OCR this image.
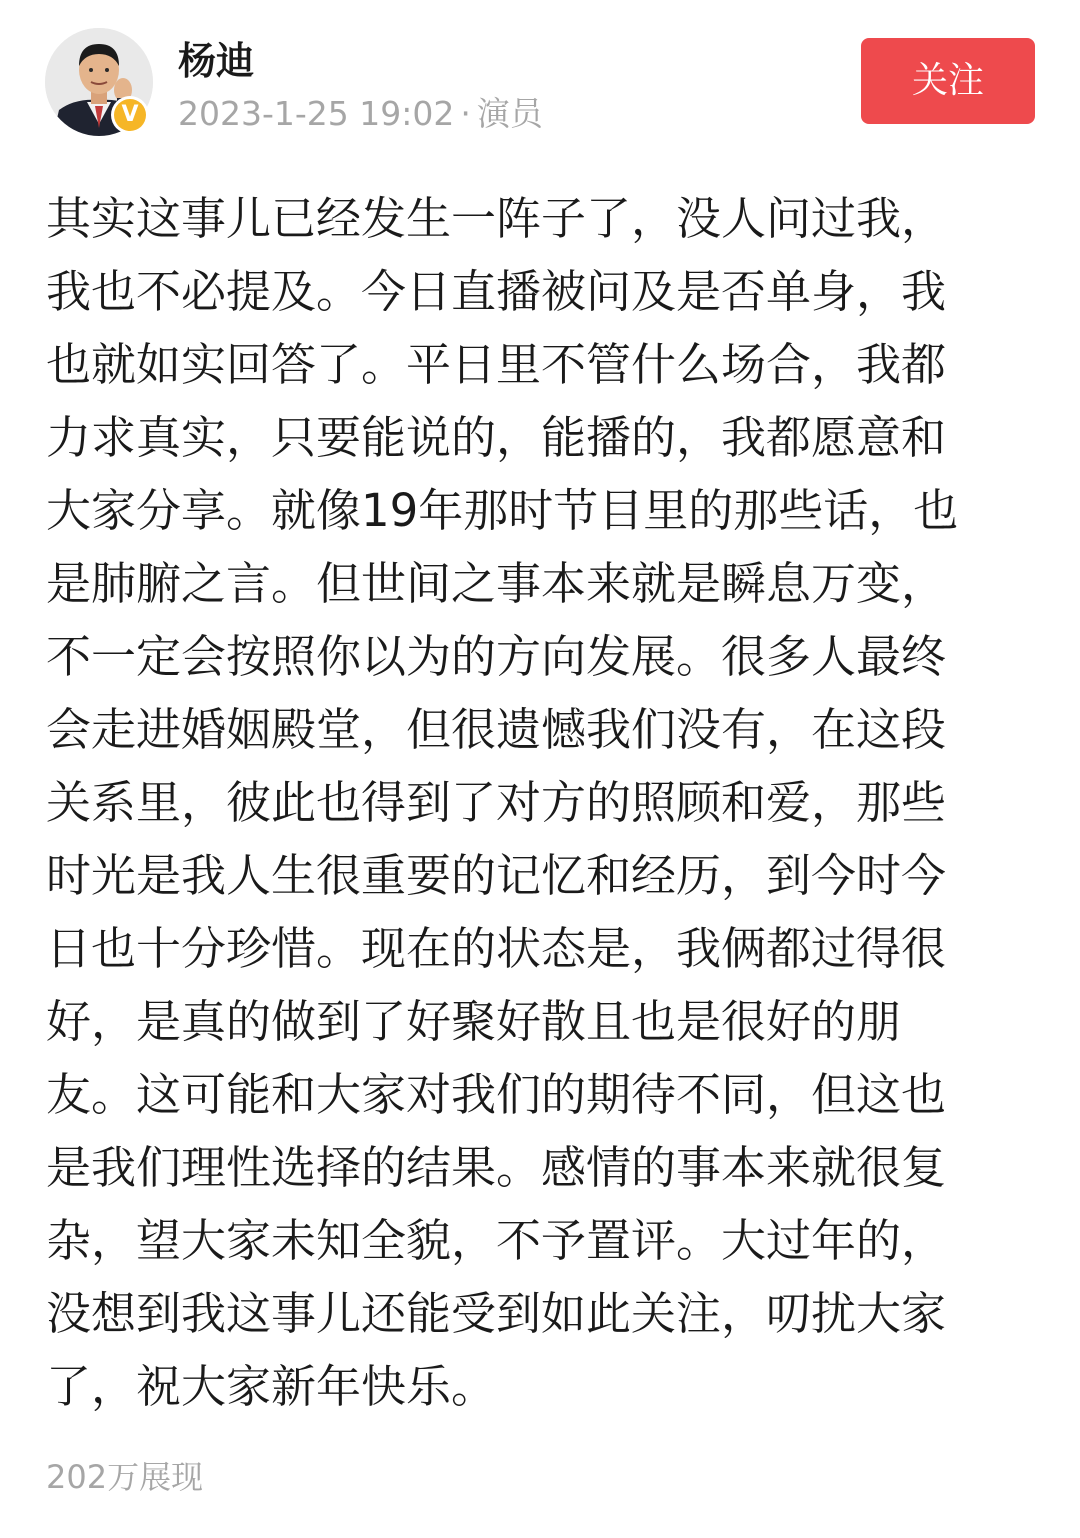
V
杨迪
2023-1-25 19:02 · 演员
关注
其实这事儿已经发生一阵子了，没人问过我，
我也不必提及。今日直播被问及是否单身，我
也就如实回答了。平日里不管什么场合，我都
力求真实，只要能说的，能播的，我都愿意和
大家分享。就像19年那时节目里的那些话，也
是肺腑之言。但世间之事本来就是瞬息万变，
不一定会按照你以为的方向发展。很多人最终
会走进婚姻殿堂，但很遗憾我们没有，在这段
关系里，彼此也得到了对方的照顾和爱，那些
时光是我人生很重要的记忆和经历，到今时今
日也十分珍惜。现在的状态是，我俩都过得很
好，是真的做到了好聚好散且也是很好的朋
友。这可能和大家对我们的期待不同，但这也
是我们理性选择的结果。感情的事本来就很复
杂，望大家未知全貌，不予置评。大过年的，
没想到我这事儿还能受到如此关注，叨扰大家
了，祝大家新年快乐。
202万展现
